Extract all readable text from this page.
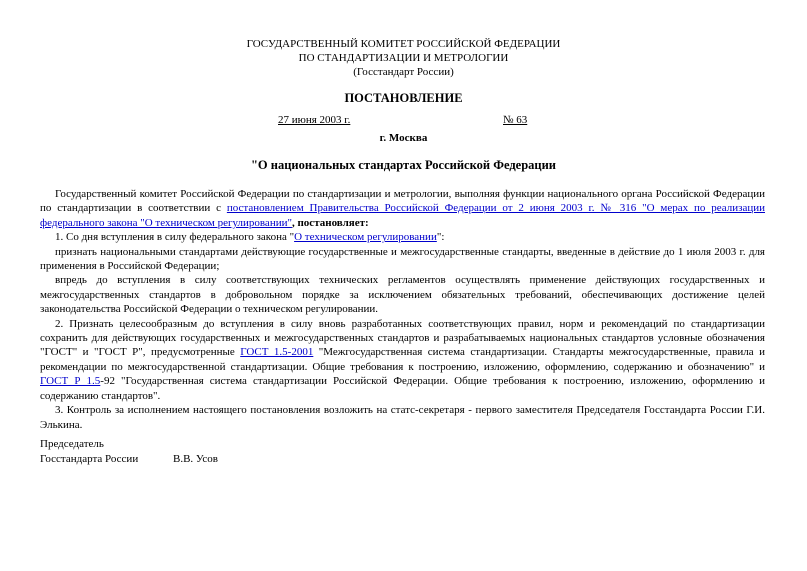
ГОСУДАРСТВЕННЫЙ КОМИТЕТ РОССИЙСКОЙ ФЕДЕРАЦИИ
ПО СТАНДАРТИЗАЦИИ И МЕТРОЛОГИИ
(Госстандарт России)
ПОСТАНОВЛЕНИЕ
27 июня 2003 г.	№ 63
г. Москва
"О национальных стандартах Российской Федерации

Государственный комитет Российской Федерации по стандартизации и метрологии, выполняя функции национального органа Российской Федерации по стандартизации в соответствии с постановлением Правительства Российской Федерации от 2 июня 2003 г. № 316 "О мерах по реализации федерального закона "О техническом регулировании", постановляет:

1. Со дня вступления в силу федерального закона "О техническом регулировании":

признать национальными стандартами действующие государственные и межгосударственные стандарты, введенные в действие до 1 июля 2003 г. для применения в Российской Федерации;

впредь до вступления в силу соответствующих технических регламентов осуществлять применение действующих государственных и межгосударственных стандартов в добровольном порядке за исключением обязательных требований, обеспечивающих достижение целей законодательства Российской Федерации о техническом регулировании.

2. Признать целесообразным до вступления в силу вновь разработанных соответствующих правил, норм и рекомендаций по стандартизации сохранить для действующих государственных и межгосударственных стандартов и разрабатываемых национальных стандартов условные обозначения "ГОСТ" и "ГОСТ Р", предусмотренные ГОСТ 1.5-2001 "Межгосударственная система стандартизации. Стандарты межгосударственные, правила и рекомендации по межгосударственной стандартизации. Общие требования к построению, изложению, оформлению, содержанию и обозначению" и ГОСТ Р 1.5-92 "Государственная система стандартизации Российской Федерации. Общие требования к построению, изложению, оформлению и содержанию стандартов".

3. Контроль за исполнением настоящего постановления возложить на статс-секретаря - первого заместителя Председателя Госстандарта России Г.И. Элькина.

Председатель
Госстандарта России	В.В. Усов
